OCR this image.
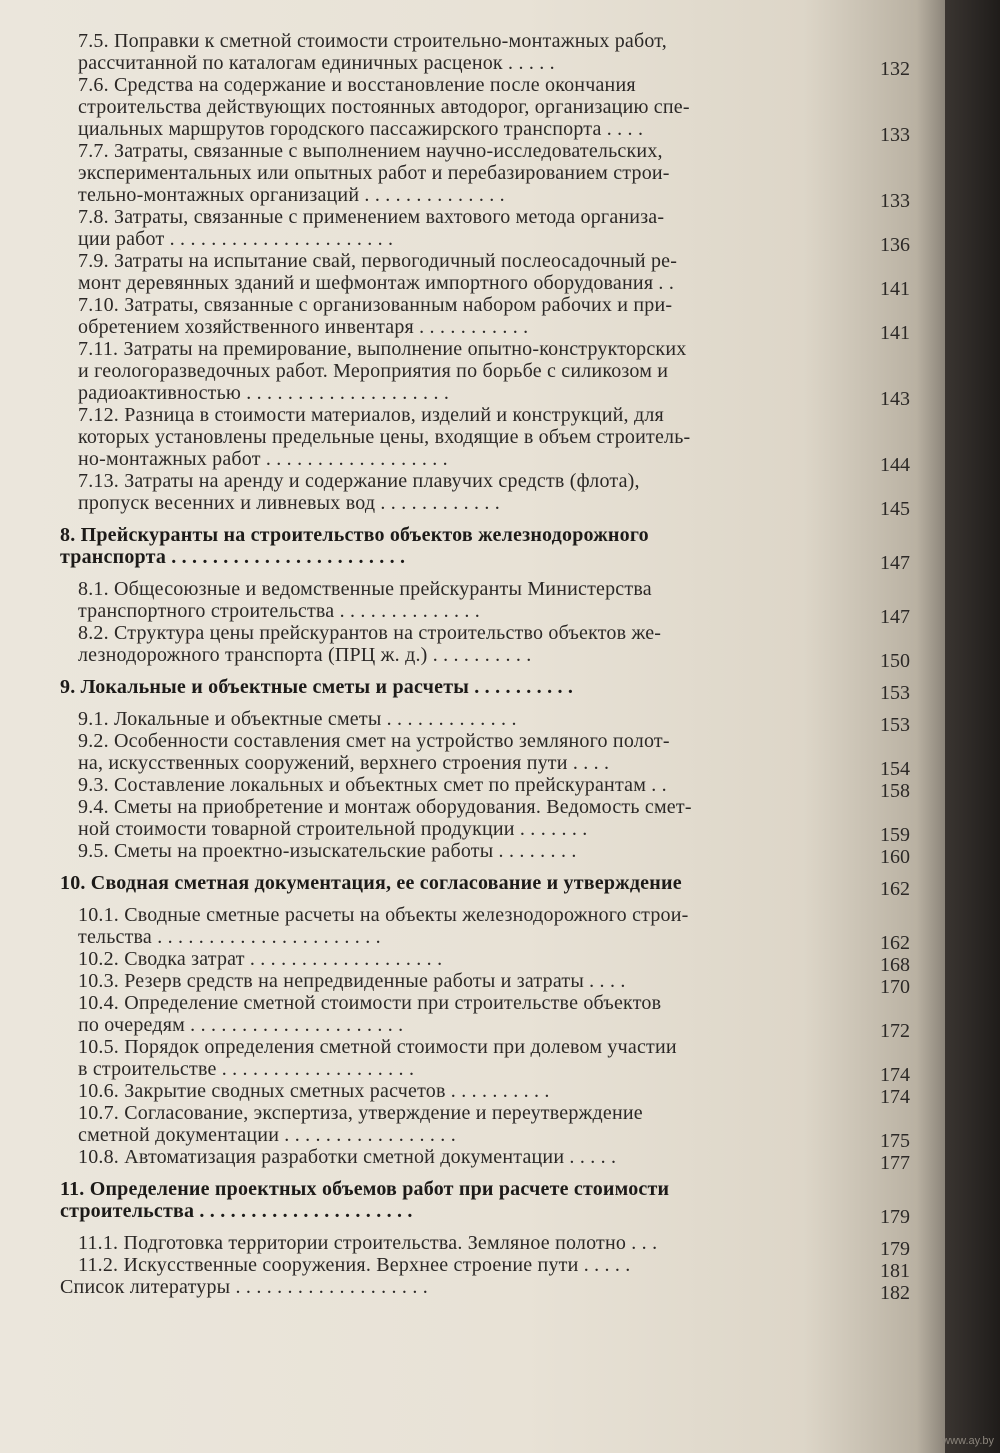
7.5. Поправки к сметной стоимости строительно-монтажных работ,
рассчитанной по каталогам единичных расценок . . . . .	132
7.6. Средства на содержание и восстановление после окончания
строительства действующих постоянных автодорог, организацию спе-
циальных маршрутов городского пассажирского транспорта . . . .	133
7.7. Затраты, связанные с выполнением научно-исследовательских,
экспериментальных или опытных работ и перебазированием строи-
тельно-монтажных организаций . . . . . . . . . . . . . .	133
7.8. Затраты, связанные с применением вахтового метода организа-
ции работ . . . . . . . . . . . . . . . . . . . . . .	136
7.9. Затраты на испытание свай, первогодичный послеосадочный ре-
монт деревянных зданий и шефмонтаж импортного оборудования . .	141
7.10. Затраты, связанные с организованным набором рабочих и при-
обретением хозяйственного инвентаря . . . . . . . . . . .	141
7.11. Затраты на премирование, выполнение опытно-конструкторских
и геологоразведочных работ. Мероприятия по борьбе с силикозом и
радиоактивностью . . . . . . . . . . . . . . . . . . . .	143
7.12. Разница в стоимости материалов, изделий и конструкций, для
которых установлены предельные цены, входящие в объем строитель-
но-монтажных работ . . . . . . . . . . . . . . . . . .	144
7.13. Затраты на аренду и содержание плавучих средств (флота),
пропуск весенних и ливневых вод . . . . . . . . . . . .	145
8. Прейскуранты на строительство объектов железнодорожного
транспорта . . . . . . . . . . . . . . . . . . . . . . .	147
8.1. Общесоюзные и ведомственные прейскуранты Министерства
транспортного строительства . . . . . . . . . . . . . .	147
8.2. Структура цены прейскурантов на строительство объектов же-
лезнодорожного транспорта (ПРЦ ж. д.) . . . . . . . . . .	150
9. Локальные и объектные сметы и расчеты . . . . . . . . . .	153
9.1. Локальные и объектные сметы . . . . . . . . . . . . .	153
9.2. Особенности составления смет на устройство земляного полот-
на, искусственных сооружений, верхнего строения пути . . . .	154
9.3. Составление локальных и объектных смет по прейскурантам . .	158
9.4. Сметы на приобретение и монтаж оборудования. Ведомость смет-
ной стоимости товарной строительной продукции . . . . . . .	159
9.5. Сметы на проектно-изыскательские работы . . . . . . . .	160
10. Сводная сметная документация, ее согласование и утверждение	162
10.1. Сводные сметные расчеты на объекты железнодорожного строи-
тельства . . . . . . . . . . . . . . . . . . . . . .	162
10.2. Сводка затрат . . . . . . . . . . . . . . . . . . .	168
10.3. Резерв средств на непредвиденные работы и затраты . . . .	170
10.4. Определение сметной стоимости при строительстве объектов
по очередям . . . . . . . . . . . . . . . . . . . . .	172
10.5. Порядок определения сметной стоимости при долевом участии
в строительстве . . . . . . . . . . . . . . . . . . .	174
10.6. Закрытие сводных сметных расчетов . . . . . . . . . .	174
10.7. Согласование, экспертиза, утверждение и переутверждение
сметной документации . . . . . . . . . . . . . . . . .	175
10.8. Автоматизация разработки сметной документации . . . . .	177
11. Определение проектных объемов работ при расчете стоимости
строительства . . . . . . . . . . . . . . . . . . . . .	179
11.1. Подготовка территории строительства. Земляное полотно . . .	179
11.2. Искусственные сооружения. Верхнее строение пути . . . . .	181
Список литературы . . . . . . . . . . . . . . . . . . .	182
www.ay.by
